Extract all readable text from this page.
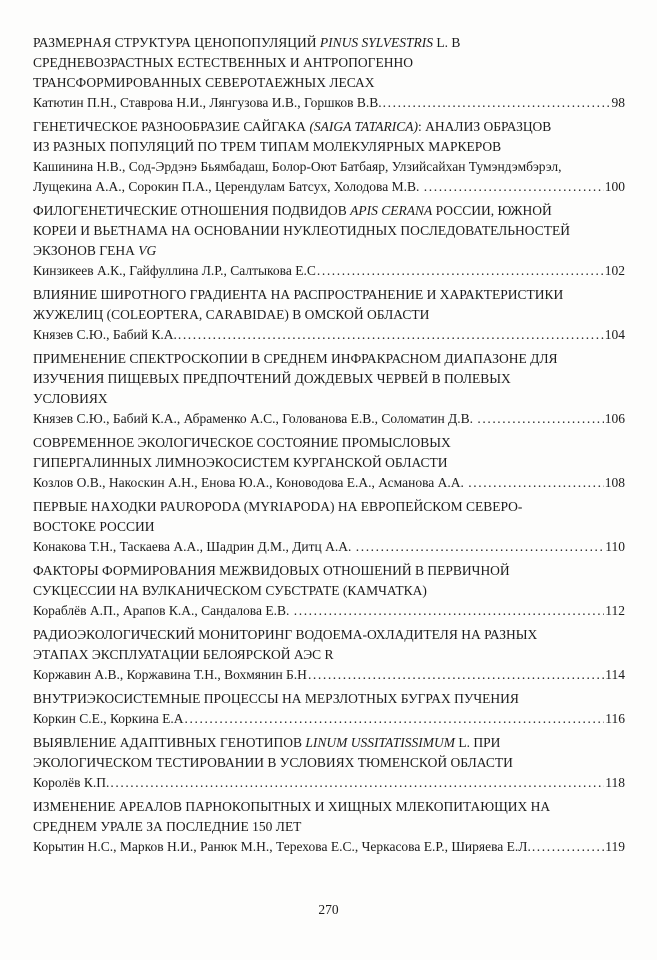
РАЗМЕРНАЯ СТРУКТУРА ЦЕНОПОПУЛЯЦИЙ PINUS SYLVESTRIS L. В
СРЕДНЕВОЗРАСТНЫХ ЕСТЕСТВЕННЫХ И АНТРОПОГЕННО
ТРАНСФОРМИРОВАННЫХ СЕВЕРОТАЕЖНЫХ ЛЕСАХ
Катютин П.Н., Ставрова Н.И., Лянгузова И.В., Горшков В.В. .....	98
ГЕНЕТИЧЕСКОЕ РАЗНООБРАЗИЕ САЙГАКА (SAIGA TATARICA): АНАЛИЗ ОБРАЗЦОВ
ИЗ РАЗНЫХ ПОПУЛЯЦИЙ ПО ТРЕМ ТИПАМ МОЛЕКУЛЯРНЫХ МАРКЕРОВ
Кашинина Н.В., Сод-Эрдэнэ Бьямбадаш, Болор-Оют Батбаяр, Улзийсайхан Тумэндэмбэрэл,
Лущекина А.А., Сорокин П.А., Церендулам Батсух, Холодова М.В. .....	100
ФИЛОГЕНЕТИЧЕСКИЕ ОТНОШЕНИЯ ПОДВИДОВ APIS CERANA РОССИИ, ЮЖНОЙ
КОРЕИ И ВЬЕТНАМА НА ОСНОВАНИИ НУКЛЕОТИДНЫХ ПОСЛЕДОВАТЕЛЬНОСТЕЙ
ЭКЗОНОВ ГЕНА VG
Кинзикеев А.К., Гайфуллина Л.Р., Салтыкова Е.С .....	102
ВЛИЯНИЕ ШИРОТНОГО ГРАДИЕНТА НА РАСПРОСТРАНЕНИЕ И ХАРАКТЕРИСТИКИ
ЖУЖЕЛИЦ (COLEOPTERA, CARABIDAE) В ОМСКОЙ ОБЛАСТИ
Князев С.Ю., Бабий К.А. .....	104
ПРИМЕНЕНИЕ СПЕКТРОСКОПИИ В СРЕДНЕМ ИНФРАКРАСНОМ ДИАПАЗОНЕ ДЛЯ
ИЗУЧЕНИЯ ПИЩЕВЫХ ПРЕДПОЧТЕНИЙ ДОЖДЕВЫХ ЧЕРВЕЙ В ПОЛЕВЫХ
УСЛОВИЯХ
Князев С.Ю., Бабий К.А., Абраменко А.С., Голованова Е.В., Соломатин Д.В. .....	106
СОВРЕМЕННОЕ ЭКОЛОГИЧЕСКОЕ СОСТОЯНИЕ ПРОМЫСЛОВЫХ
ГИПЕРГАЛИННЫХ ЛИМНОЭКОСИСТЕМ КУРГАНСКОЙ ОБЛАСТИ
Козлов О.В., Накоскин А.Н., Енова Ю.А., Коноводова Е.А., Асманова А.А. .....	108
ПЕРВЫЕ НАХОДКИ PAUROPODA (MYRIAPODA) НА ЕВРОПЕЙСКОМ СЕВЕРО-
ВОСТОКЕ РОССИИ
Конакова Т.Н., Таскаева А.А., Шадрин Д.М., Дитц А.А. .....	110
ФАКТОРЫ ФОРМИРОВАНИЯ МЕЖВИДОВЫХ ОТНОШЕНИЙ В ПЕРВИЧНОЙ
СУКЦЕССИИ НА ВУЛКАНИЧЕСКОМ СУБСТРАТЕ (КАМЧАТКА)
Кораблёв А.П., Арапов К.А., Сандалова Е.В. .....	112
РАДИОЭКОЛОГИЧЕСКИЙ МОНИТОРИНГ ВОДОЕМА-ОХЛАДИТЕЛЯ НА РАЗНЫХ
ЭТАПАХ ЭКСПЛУАТАЦИИ БЕЛОЯРСКОЙ АЭС R
Коржавин А.В., Коржавина Т.Н., Вохмянин Б.Н .....	114
ВНУТРИЭКОСИСТЕМНЫЕ ПРОЦЕССЫ НА МЕРЗЛОТНЫХ БУГРАХ ПУЧЕНИЯ
Коркин С.Е., Коркина Е.А .....	116
ВЫЯВЛЕНИЕ АДАПТИВНЫХ ГЕНОТИПОВ LINUM USSITATISSIMUM L. ПРИ
ЭКОЛОГИЧЕСКОМ ТЕСТИРОВАНИИ В УСЛОВИЯХ ТЮМЕНСКОЙ ОБЛАСТИ
Королёв К.П. .....	118
ИЗМЕНЕНИЕ АРЕАЛОВ ПАРНОКОПЫТНЫХ И ХИЩНЫХ МЛЕКОПИТАЮЩИХ НА
СРЕДНЕМ УРАЛЕ ЗА ПОСЛЕДНИЕ 150 ЛЕТ
Корытин Н.С., Марков Н.И., Ранюк М.Н., Терехова Е.С., Черкасова Е.Р., Ширяева Е.Л. .....	119
270
